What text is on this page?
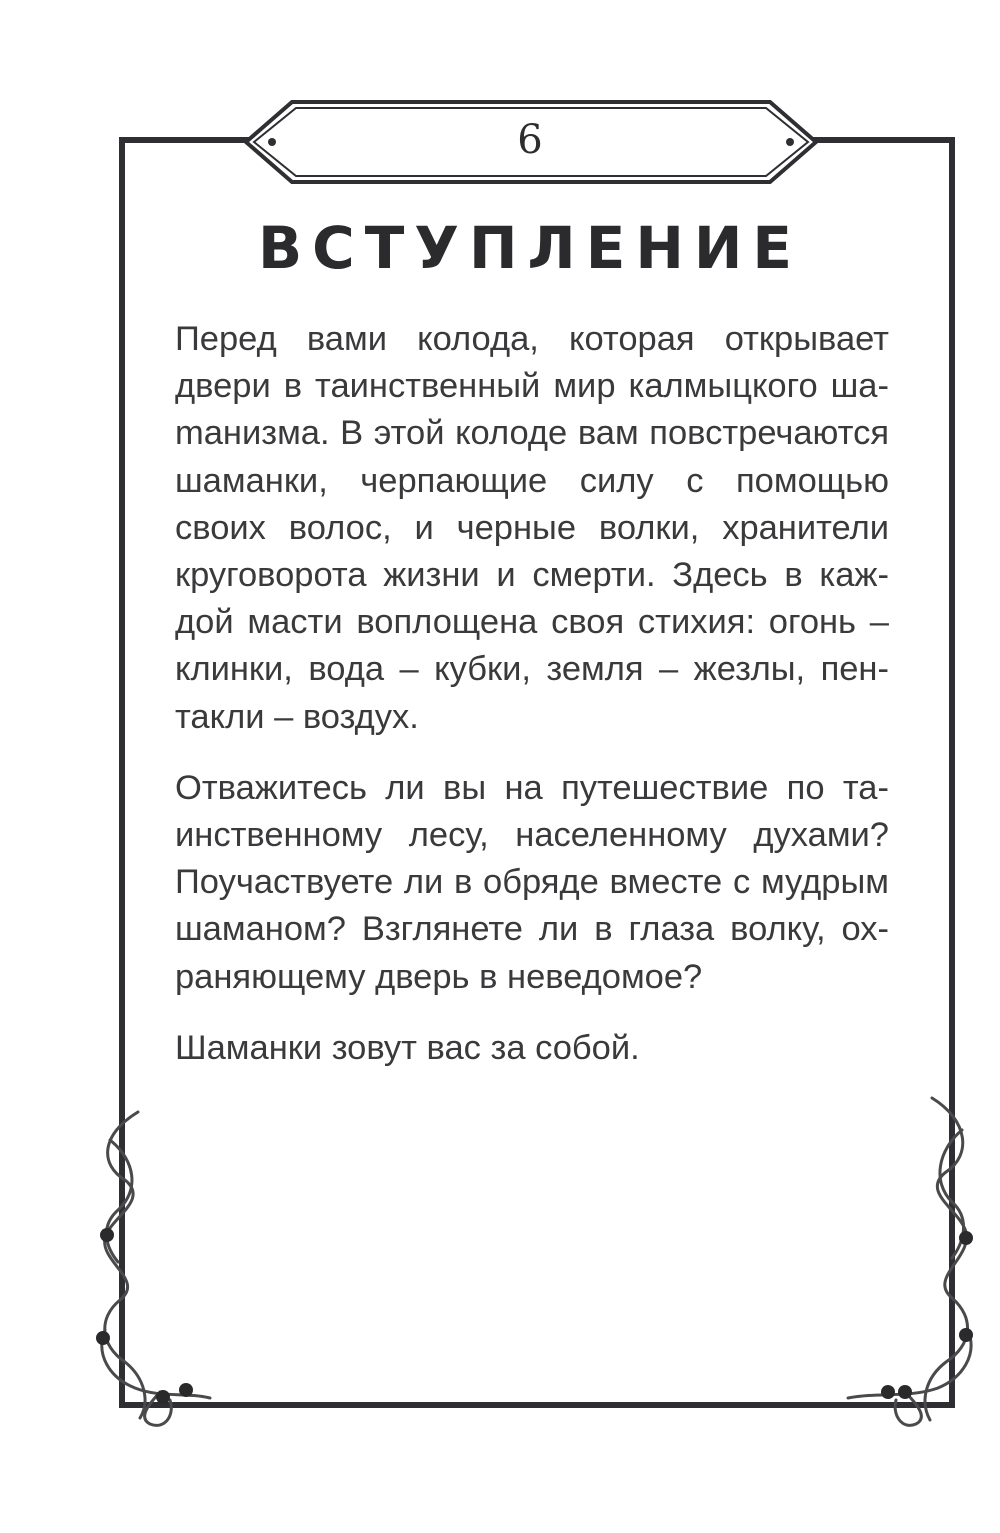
6
ВСТУПЛЕНИЕ

Перед вами колода, которая открывает двери в таинственный мир калмыцкого шаmанизма. В этой колоде вам повстречаются шаманки, черпающие силу с помощью своих волос, и черные волки, хранители круговорота жизни и смерти. Здесь в каждой масти воплощена своя стихия: огонь – клинки, вода – кубки, земля – жезлы, пентакли – воздух.

Отважитесь ли вы на путешествие по таинственному лесу, населенному духами? Поучаствуете ли в обряде вместе с мудрым шаманом? Взглянете ли в глаза волку, охраняющему дверь в неведомое?

Шаманки зовут вас за собой.
